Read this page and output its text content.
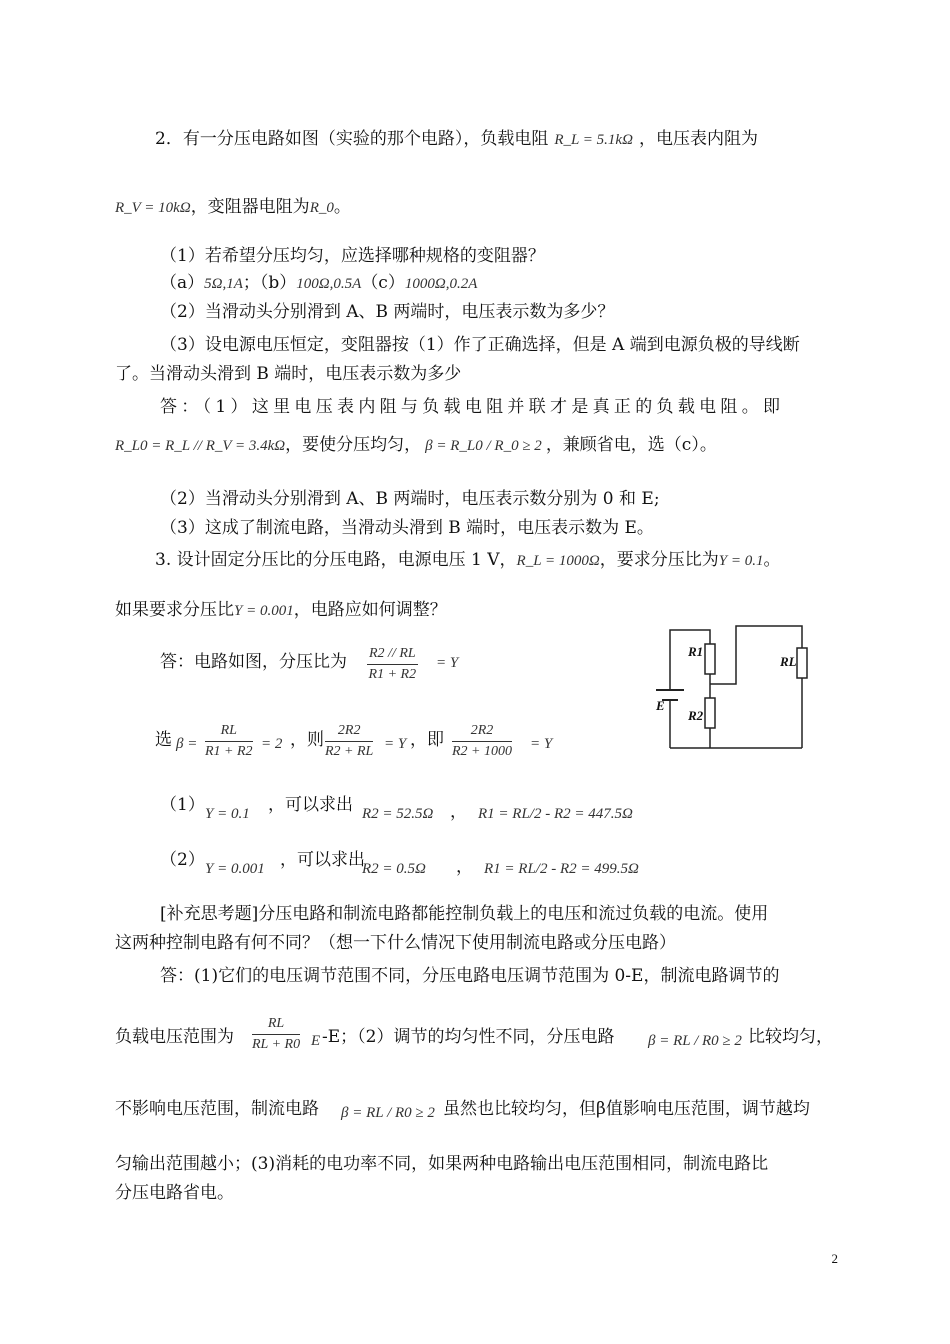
2．有一分压电路如图（实验的那个电路），负载电阻 R_L = 5.1kΩ ，电压表内阻为
R_V = 10kΩ，变阻器电阻为R_0。
（1）若希望分压均匀，应选择哪种规格的变阻器？
（a）5Ω,1A；（b）100Ω,0.5A（c）1000Ω,0.2A
（2）当滑动头分别滑到 A、B 两端时，电压表示数为多少？
（3）设电源电压恒定，变阻器按（1）作了正确选择，但是 A 端到电源负极的导线断
了。当滑动头滑到 B 端时，电压表示数为多少
答：（1）这里电压表内阻与负载电阻并联才是真正的负载电阻。即
R_L0 = R_L // R_V = 3.4kΩ，要使分压均匀， β = R_L0 / R_0 ≥ 2 ，兼顾省电，选（c）。
（2）当滑动头分别滑到 A、B 两端时，电压表示数分别为 0 和 E;
（3）这成了制流电路，当滑动头滑到 B 端时，电压表示数为 E。
3. 设计固定分压比的分压电路，电源电压 1 V，R_L = 1000Ω，要求分压比为Y = 0.1。
如果要求分压比Y = 0.001，电路应如何调整？
答：电路如图，分压比为 $\frac{R2 // RL}{R1 + R2} = Y$
选 $\beta = \frac{RL}{R1 + R2} = 2$ ，则 $\frac{2R2}{R2 + RL} = Y$ ，即 $\frac{2R2}{R2 + 1000} = Y$
（1） Y = 0.1 ，可以求出 R2 = 52.5Ω ， R1 = RL/2 - R2 = 447.5Ω
（2） Y = 0.001 ，可以求出
R2 = 0.5Ω ， R1 = RL/2 - R2 = 499.5Ω
R1
R2
RL
E
[补充思考题]分压电路和制流电路都能控制负载上的电压和流过负载的电流。使用
这两种控制电路有何不同？（想一下什么情况下使用制流电路或分压电路）
答：(1)它们的电压调节范围不同，分压电路电压调节范围为 0-E，制流电路调节的
负载电压范围为 $\frac{RL}{RL + R0}$ E -E；（2）调节的均匀性不同，分压电路 β = RL / R0 ≥ 2 比较均匀，
不影响电压范围，制流电路 β = RL / R0 ≥ 2 虽然也比较均匀，但β值影响电压范围，调节越均
匀输出范围越小；(3)消耗的电功率不同，如果两种电路输出电压范围相同，制流电路比
分压电路省电。
2
